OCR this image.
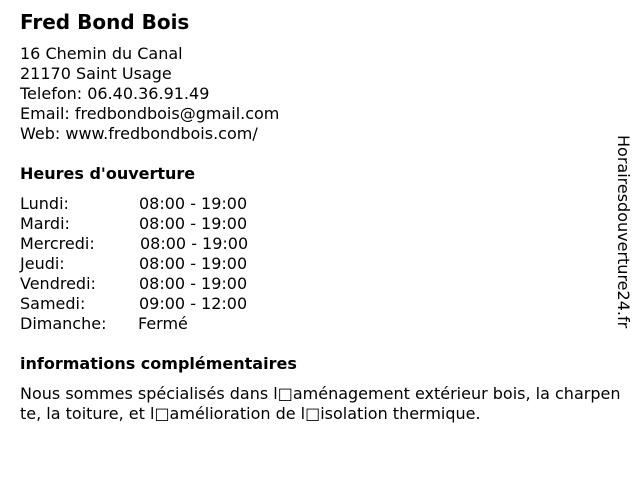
Fred Bond Bois
16 Chemin du Canal
21170 Saint Usage
Telefon: 06.40.36.91.49
Email: fredbondbois@gmail.com
Web: www.fredbondbois.com/
Heures d'ouverture
Lundi:	08:00 - 19:00
Mardi:	08:00 - 19:00
Mercredi:	08:00 - 19:00
Jeudi:	08:00 - 19:00
Vendredi:	08:00 - 19:00
Samedi:	09:00 - 12:00
Dimanche: Fermé
informations complémentaires
Nous sommes spécialisés dans l□aménagement extérieur bois, la charpente, la toiture, et l□amélioration de l□isolation thermique.
Horairesdouverture24.fr
